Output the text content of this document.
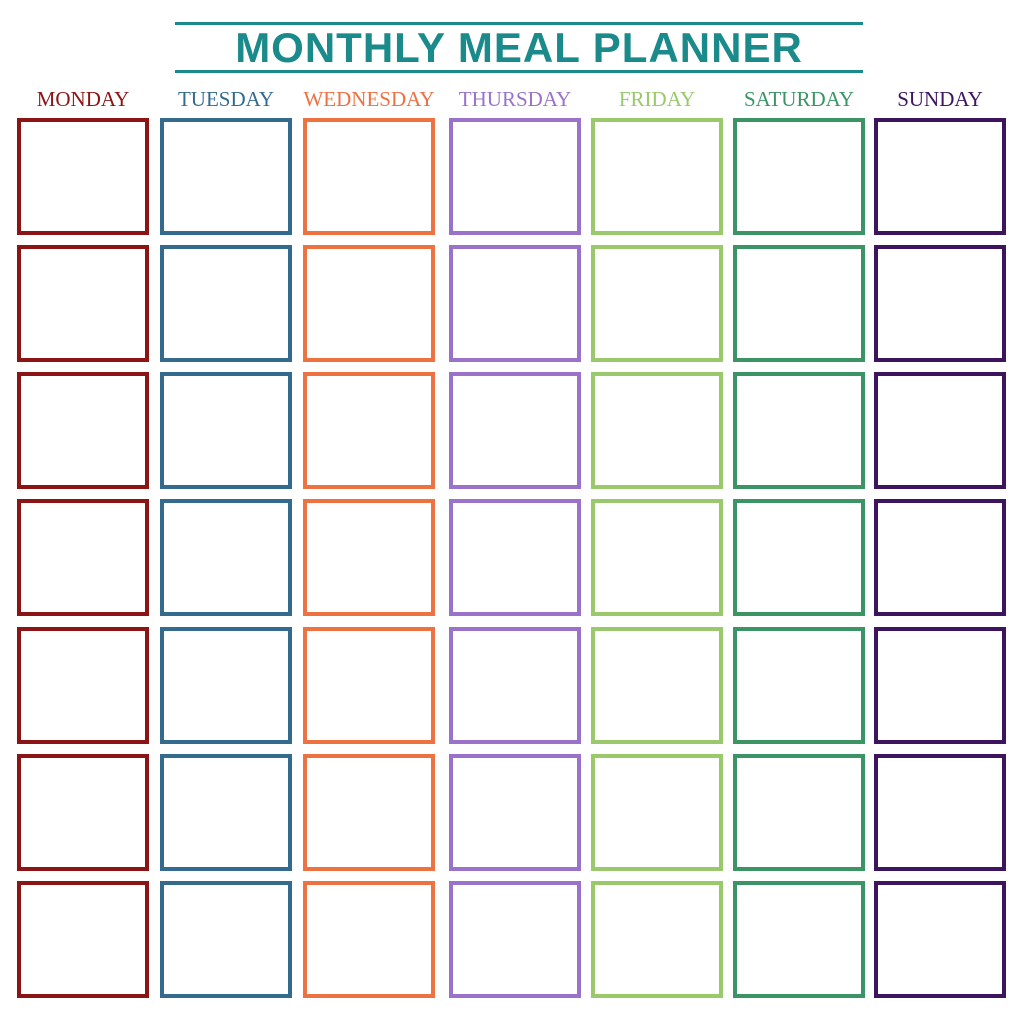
MONTHLY MEAL PLANNER
MONDAY	TUESDAY	WEDNESDAY	THURSDAY	FRIDAY	SATURDAY	SUNDAY
